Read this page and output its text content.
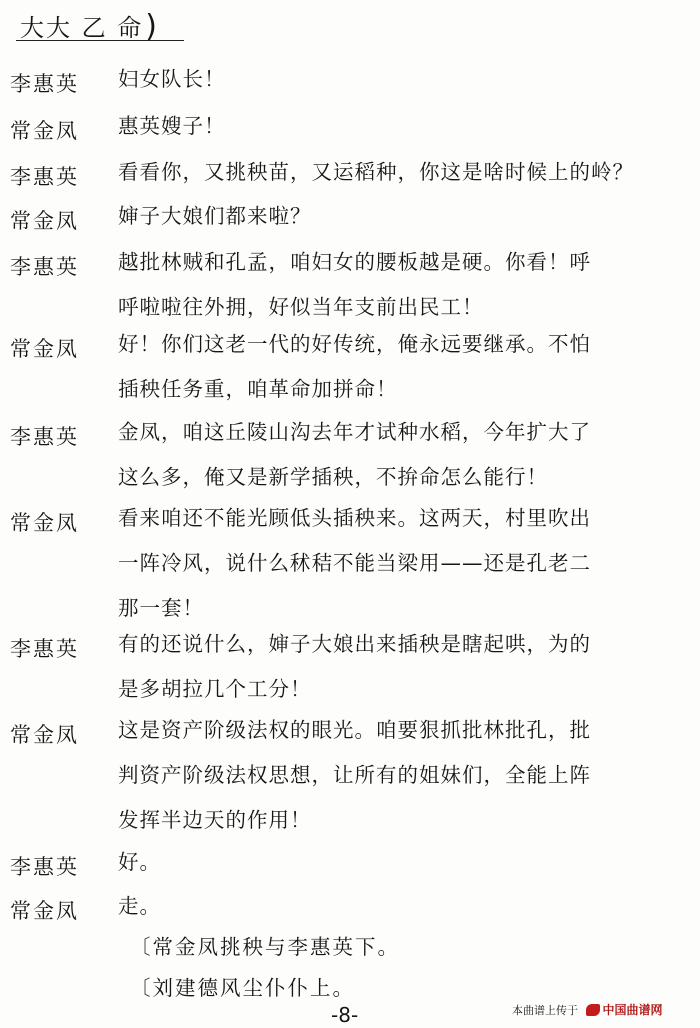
大大 乙 命)
李惠英 妇女队长！
常金凤 惠英嫂子！
李惠英 看看你，又挑秧苗，又运稻种，你这是啥时候上的岭？
常金凤 婶子大娘们都来啦？
李惠英 越批林贼和孔孟，咱妇女的腰板越是硬。你看！呼
呼啦啦往外拥，好似当年支前出民工！
常金凤 好！你们这老一代的好传统，俺永远要继承。不怕
插秧任务重，咱革命加拼命！
李惠英 金凤，咱这丘陵山沟去年才试种水稻，今年扩大了
这么多，俺又是新学插秧，不拚命怎么能行！
常金凤 看来咱还不能光顾低头插秧来。这两天，村里吹出
一阵冷风，说什么秫秸不能当梁用——还是孔老二
那一套！
李惠英 有的还说什么，婶子大娘出来插秧是瞎起哄，为的
是多胡拉几个工分！
常金凤 这是资产阶级法权的眼光。咱要狠抓批林批孔，批
判资产阶级法权思想，让所有的姐妹们，全能上阵
发挥半边天的作用！
李惠英 好。
常金凤 走。
〔常金凤挑秧与李惠英下。
〔刘建德风尘仆仆上。
本曲谱上传于 中国曲谱网
-8-
